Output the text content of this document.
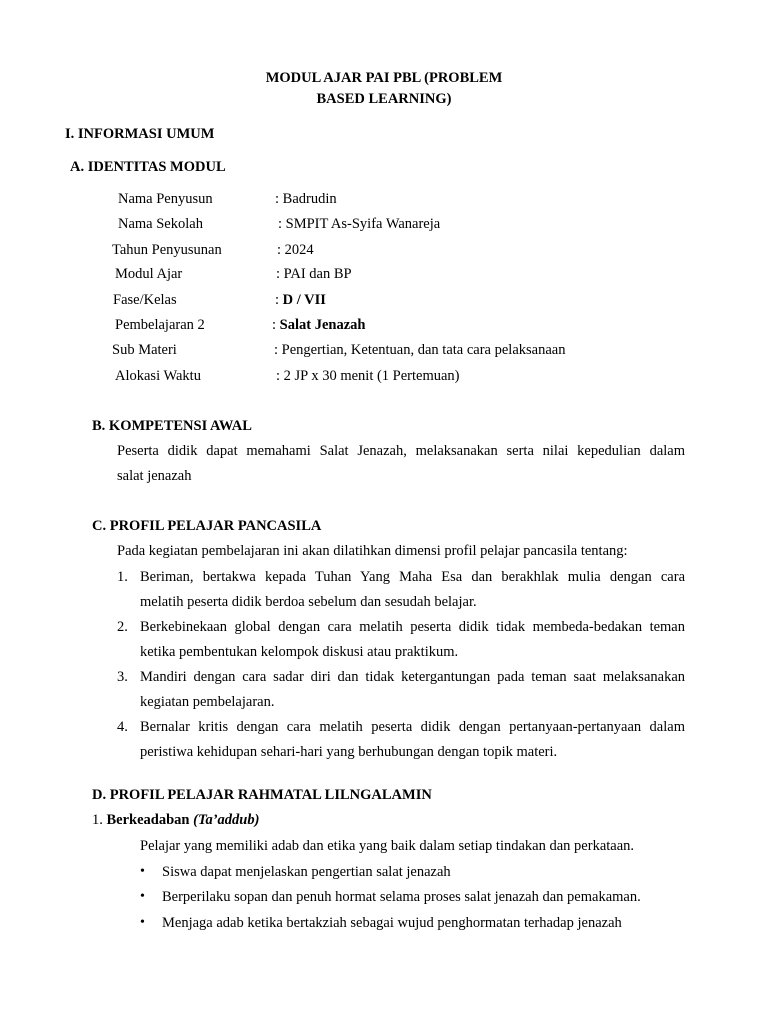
MODUL AJAR PAI PBL (PROBLEM
BASED LEARNING)
I. INFORMASI UMUM
A. IDENTITAS MODUL
Nama Penyusun	: Badrudin
Nama Sekolah	: SMPIT As-Syifa Wanareja
Tahun Penyusunan	: 2024
Modul Ajar	: PAI dan BP
Fase/Kelas	: D / VII
Pembelajaran 2	: Salat Jenazah
Sub Materi	: Pengertian, Ketentuan, dan tata cara pelaksanaan
Alokasi Waktu	: 2 JP x 30 menit (1 Pertemuan)
B. KOMPETENSI AWAL
Peserta didik dapat memahami Salat Jenazah, melaksanakan serta nilai kepedulian dalam
salat jenazah
C. PROFIL PELAJAR PANCASILA
Pada kegiatan pembelajaran ini akan dilatihkan dimensi profil pelajar pancasila tentang:
1. Beriman, bertakwa kepada Tuhan Yang Maha Esa dan berakhlak mulia dengan cara
melatih peserta didik berdoa sebelum dan sesudah belajar.
2. Berkebinekaan global dengan cara melatih peserta didik tidak membeda-bedakan teman
ketika pembentukan kelompok diskusi atau praktikum.
3. Mandiri dengan cara sadar diri dan tidak ketergantungan pada teman saat melaksanakan
kegiatan pembelajaran.
4. Bernalar kritis dengan cara melatih peserta didik dengan pertanyaan-pertanyaan dalam
peristiwa kehidupan sehari-hari yang berhubungan dengan topik materi.
D. PROFIL PELAJAR RAHMATAL LILNGALAMIN
1. Berkeadaban (Ta’addub)
Pelajar yang memiliki adab dan etika yang baik dalam setiap tindakan dan perkataan.
• Siswa dapat menjelaskan pengertian salat jenazah
• Berperilaku sopan dan penuh hormat selama proses salat jenazah dan pemakaman.
• Menjaga adab ketika bertakziah sebagai wujud penghormatan terhadap jenazah
